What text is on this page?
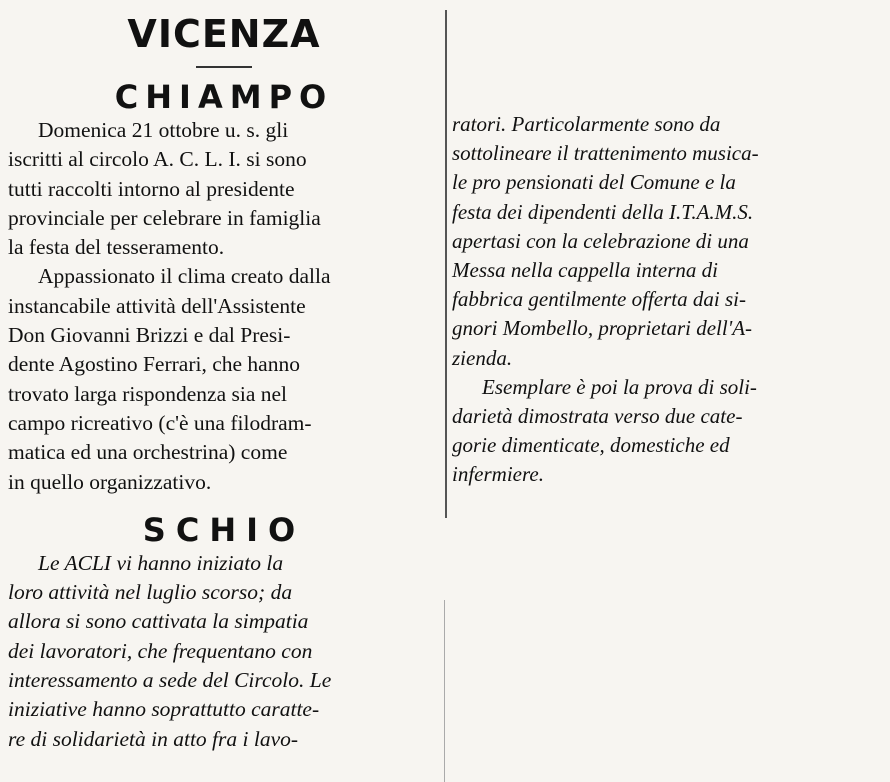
VICENZA
CHIAMPO

Domenica 21 ottobre u. s. gli
iscritti al circolo A. C. L. I. si sono
tutti raccolti intorno al presidente
provinciale per celebrare in famiglia
la festa del tesseramento.

Appassionato il clima creato dalla
instancabile attività dell'Assistente
Don Giovanni Brizzi e dal Presi-
dente Agostino Ferrari, che hanno
trovato larga rispondenza sia nel
campo ricreativo (c'è una filodram-
matica ed una orchestrina) come
in quello organizzativo.

SCHIO

Le ACLI vi hanno iniziato la
loro attività nel luglio scorso; da
allora si sono cattivata la simpatia
dei lavoratori, che frequentano con
interessamento a sede del Circolo. Le
iniziative hanno soprattutto caratte-
re di solidarietà in atto fra i lavo-

ratori. Particolarmente sono da
sottolineare il trattenimento musica-
le pro pensionati del Comune e la
festa dei dipendenti della I.T.A.M.S.
apertasi con la celebrazione di una
Messa nella cappella interna di
fabbrica gentilmente offerta dai si-
gnori Mombello, proprietari dell'A-
zienda.

Esemplare è poi la prova di soli-
darietà dimostrata verso due cate-
gorie dimenticate, domestiche ed
infermiere.
